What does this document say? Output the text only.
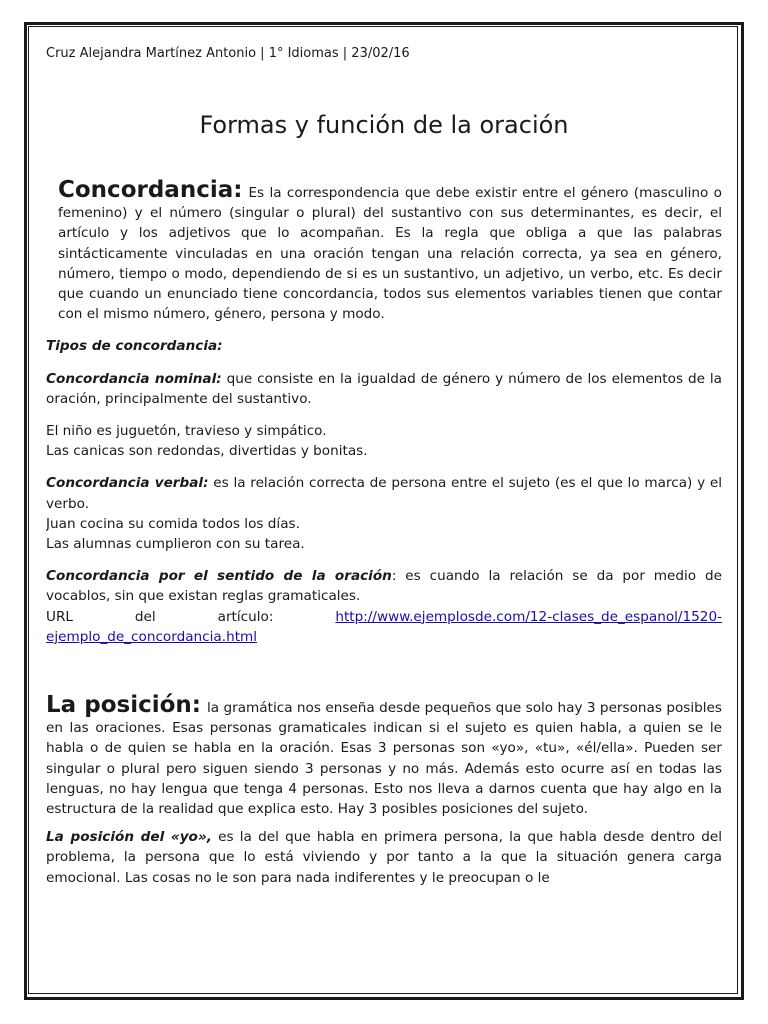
Cruz Alejandra Martínez Antonio | 1° Idiomas | 23/02/16

Formas y función de la oración

Concordancia: Es la correspondencia que debe existir entre el género (masculino o femenino) y el número (singular o plural) del sustantivo con sus determinantes, es decir, el artículo y los adjetivos que lo acompañan. Es la regla que obliga a que las palabras sintácticamente vinculadas en una oración tengan una relación correcta, ya sea en género, número, tiempo o modo, dependiendo de si es un sustantivo, un adjetivo, un verbo, etc. Es decir que cuando un enunciado tiene concordancia, todos sus elementos variables tienen que contar con el mismo número, género, persona y modo.

Tipos de concordancia:

Concordancia nominal: que consiste en la igualdad de género y número de los elementos de la oración, principalmente del sustantivo.

El niño es juguetón, travieso y simpático.

Las canicas son redondas, divertidas y bonitas.

Concordancia verbal: es la relación correcta de persona entre el sujeto (es el que lo marca) y el verbo.

Juan cocina su comida todos los días.

Las alumnas cumplieron con su tarea.

Concordancia por el sentido de la oración: es cuando la relación se da por medio de vocablos, sin que existan reglas gramaticales.

URL	del	artículo:	http://www.ejemplosde.com/12-clases_de_espanol/1520-

ejemplo_de_concordancia.html

La posición: la gramática nos enseña desde pequeños que solo hay 3 personas posibles en las oraciones. Esas personas gramaticales indican si el sujeto es quien habla, a quien se le habla o de quien se habla en la oración. Esas 3 personas son «yo», «tu», «él/ella». Pueden ser singular o plural pero siguen siendo 3 personas y no más. Además esto ocurre así en todas las lenguas, no hay lengua que tenga 4 personas. Esto nos lleva a darnos cuenta que hay algo en la estructura de la realidad que explica esto. Hay 3 posibles posiciones del sujeto.

La posición del «yo», es la del que habla en primera persona, la que habla desde dentro del problema, la persona que lo está viviendo y por tanto a la que la situación genera carga emocional. Las cosas no le son para nada indiferentes y le preocupan o le
